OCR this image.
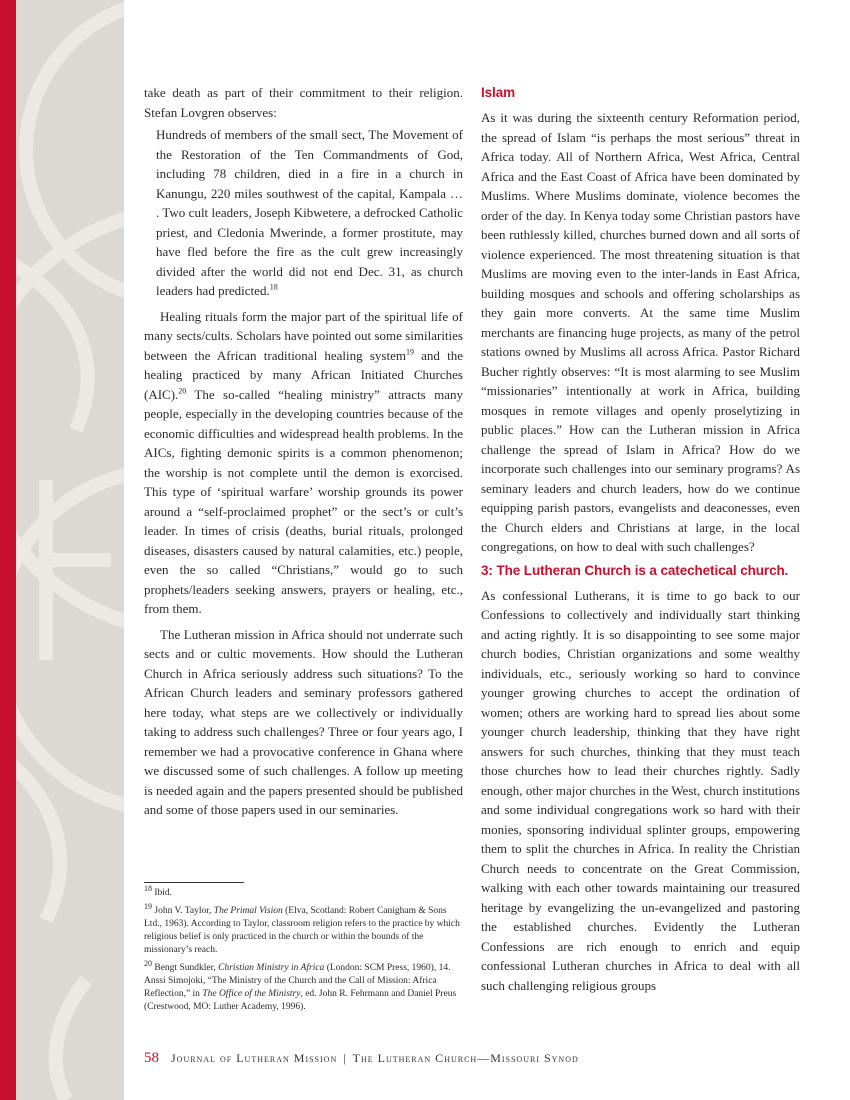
take death as part of their commitment to their religion. Stefan Lovgren observes:

Hundreds of members of the small sect, The Movement of the Restoration of the Ten Commandments of God, including 78 children, died in a fire in a church in Kanungu, 220 miles southwest of the capital, Kampala … . Two cult leaders, Joseph Kibwetere, a defrocked Catholic priest, and Cledonia Mwerinde, a former prostitute, may have fled before the fire as the cult grew increasingly divided after the world did not end Dec. 31, as church leaders had predicted.$^{18}$

Healing rituals form the major part of the spiritual life of many sects/cults. Scholars have pointed out some similarities between the African traditional healing system$^{19}$ and the healing practiced by many African Initiated Churches (AIC).$^{20}$ The so-called “healing ministry” attracts many people, especially in the developing countries because of the economic difficulties and widespread health problems. In the AICs, fighting demonic spirits is a common phenomenon; the worship is not complete until the demon is exorcised. This type of ‘spiritual warfare’ worship grounds its power around a “self-proclaimed prophet” or the sect’s or cult’s leader. In times of crisis (deaths, burial rituals, prolonged diseases, disasters caused by natural calamities, etc.) people, even the so called “Christians,” would go to such prophets/leaders seeking answers, prayers or healing, etc., from them.

The Lutheran mission in Africa should not underrate such sects and or cultic movements. How should the Lutheran Church in Africa seriously address such situations? To the African Church leaders and seminary professors gathered here today, what steps are we collectively or individually taking to address such challenges? Three or four years ago, I remember we had a provocative conference in Ghana where we discussed some of such challenges. A follow up meeting is needed again and the papers presented should be published and some of those papers used in our seminaries.

$^{18}$ Ibid.

$^{19}$ John V. Taylor, The Primal Vision (Elva, Scotland: Robert Canigham & Sons Ltd., 1963). According to Taylor, classroom religion refers to the practice by which religious belief is only practiced in the church or within the bounds of the missionary’s reach.

$^{20}$ Bengt Sundkler, Christian Ministry in Africa (London: SCM Press, 1960), 14. Anssi Simojoki, “The Ministry of the Church and the Call of Mission: Africa Reflection,” in The Office of the Ministry, ed. John R. Fehrmann and Daniel Preus (Crestwood, MO: Luther Academy, 1996).

Islam

As it was during the sixteenth century Reformation period, the spread of Islam “is perhaps the most serious” threat in Africa today. All of Northern Africa, West Africa, Central Africa and the East Coast of Africa have been dominated by Muslims. Where Muslims dominate, violence becomes the order of the day. In Kenya today some Christian pastors have been ruthlessly killed, churches burned down and all sorts of violence experienced. The most threatening situation is that Muslims are moving even to the inter-lands in East Africa, building mosques and schools and offering scholarships as they gain more converts. At the same time Muslim merchants are financing huge projects, as many of the petrol stations owned by Muslims all across Africa. Pastor Richard Bucher rightly observes: “It is most alarming to see Muslim “missionaries” intentionally at work in Africa, building mosques in remote villages and openly proselytizing in public places.” How can the Lutheran mission in Africa challenge the spread of Islam in Africa? How do we incorporate such challenges into our seminary programs? As seminary leaders and church leaders, how do we continue equipping parish pastors, evangelists and deaconesses, even the Church elders and Christians at large, in the local congregations, on how to deal with such challenges?

3: The Lutheran Church is a catechetical church.

As confessional Lutherans, it is time to go back to our Confessions to collectively and individually start thinking and acting rightly. It is so disappointing to see some major church bodies, Christian organizations and some wealthy individuals, etc., seriously working so hard to convince younger growing churches to accept the ordination of women; others are working hard to spread lies about some younger church leadership, thinking that they have right answers for such churches, thinking that they must teach those churches how to lead their churches rightly. Sadly enough, other major churches in the West, church institutions and some individual congregations work so hard with their monies, sponsoring individual splinter groups, empowering them to split the churches in Africa. In reality the Christian Church needs to concentrate on the Great Commission, walking with each other towards maintaining our treasured heritage by evangelizing the un-evangelized and pastoring the established churches. Evidently the Lutheran Confessions are rich enough to enrich and equip confessional Lutheran churches in Africa to deal with all such challenging religious groups

58 Journal of Lutheran Mission | The Lutheran Church—Missouri Synod
